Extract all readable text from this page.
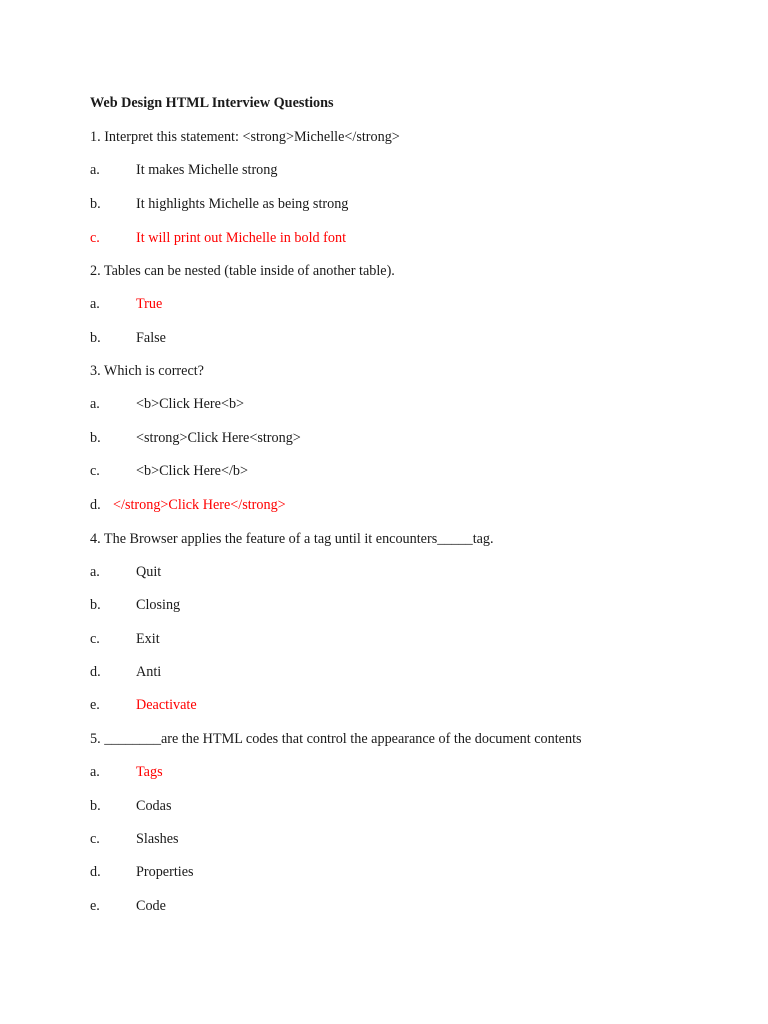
Web Design HTML Interview Questions
1. Interpret this statement: <strong>Michelle</strong>
a.	It makes Michelle strong
b. It highlights Michelle as being strong
c.	It will print out Michelle in bold font
2. Tables can be nested (table inside of another table).
a.	True
b. False
3. Which is correct?
a.	<b>Click Here<b>
b. <strong>Click Here<strong>
c.	<b>Click Here</b>
d. </strong>Click Here</strong>
4. The Browser applies the feature of a tag until it encounters_____tag.
a.	Quit
b. Closing
c.	Exit
d. Anti
e.	Deactivate
5. ________are the HTML codes that control the appearance of the document contents
a.	Tags
b. Codas
c.	Slashes
d. Properties
e.	Code
